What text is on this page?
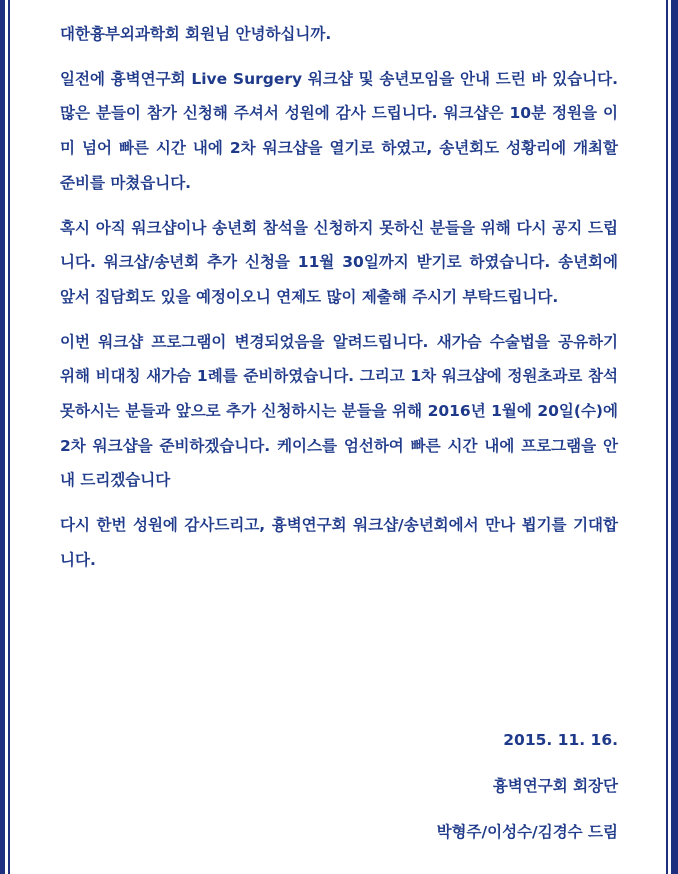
대한흉부외과학회 회원님 안녕하십니까.

일전에 흉벽연구회 Live Surgery 워크샵 및 송년모임을 안내 드린 바 있습니다. 많은 분들이 참가 신청해 주셔서 성원에 감사 드립니다. 워크샵은 10분 정원을 이미 넘어 빠른 시간 내에 2차 워크샵을 열기로 하였고, 송년회도 성황리에 개최할 준비를 마쳤읍니다.

혹시 아직 워크샵이나 송년회 참석을 신청하지 못하신 분들을 위해 다시 공지 드립니다. 워크샵/송년회 추가 신청을 11월 30일까지 받기로 하였습니다. 송년회에 앞서 집담회도 있을 예정이오니 연제도 많이 제출해 주시기 부탁드립니다.

이번 워크샵 프로그램이 변경되었음을 알려드립니다. 새가슴 수술법을 공유하기 위해 비대칭 새가슴 1례를 준비하였습니다. 그리고 1차 워크샵에 정원초과로 참석 못하시는 분들과 앞으로 추가 신청하시는 분들을 위해 2016년 1월에 20일(수)에 2차 워크샵을 준비하겠습니다. 케이스를 엄선하여 빠른 시간 내에 프로그램을 안내 드리겠습니다

다시 한번 성원에 감사드리고, 흉벽연구회 워크샵/송년회에서 만나 뵙기를 기대합니다.

2015. 11. 16.
흉벽연구회 회장단
박형주/이성수/김경수 드림
